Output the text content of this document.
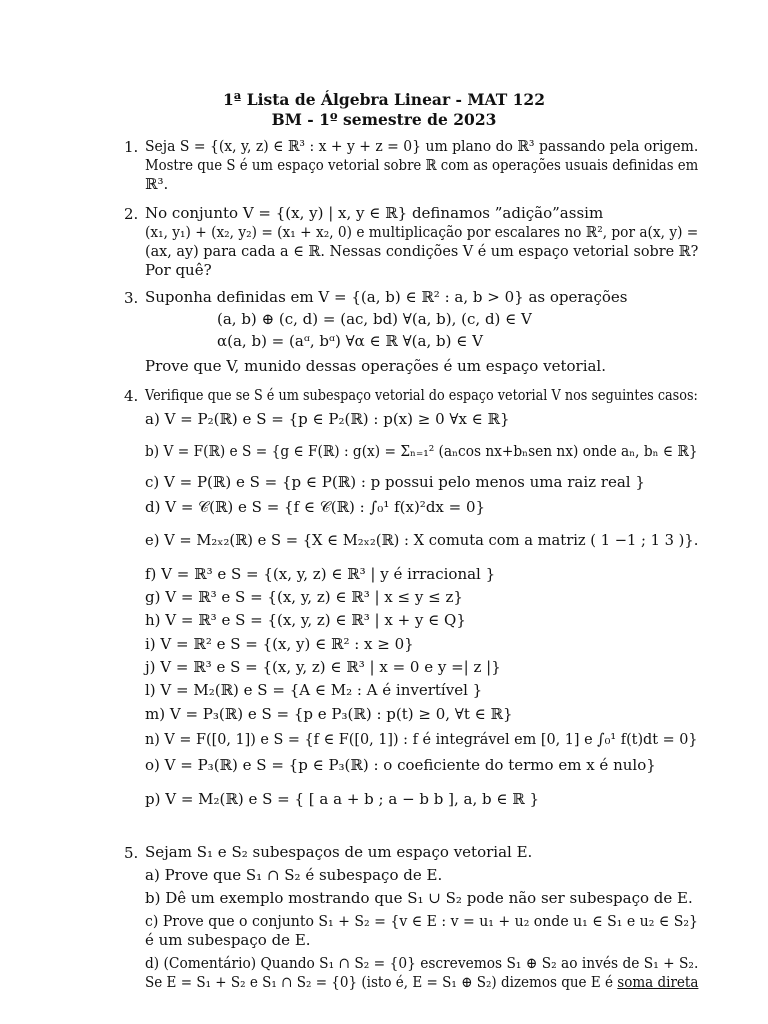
1ª Lista de Álgebra Linear - MAT 122
BM - 1º semestre de 2023
1. Seja S = {(x, y, z) ∈ ℝ³ : x + y + z = 0} um plano do ℝ³ passando pela origem.
Mostre que S é um espaço vetorial sobre ℝ com as operações usuais definidas em
ℝ³.
2. No conjunto V = {(x, y) | x, y ∈ ℝ} definamos ”adição”assim
(x₁, y₁) + (x₂, y₂) = (x₁ + x₂, 0) e multiplicação por escalares no ℝ², por a(x, y) =
(ax, ay) para cada a ∈ ℝ. Nessas condições V é um espaço vetorial sobre ℝ?
Por quê?
3. Suponha definidas em V = {(a, b) ∈ ℝ² : a, b > 0} as operações
(a, b) ⊕ (c, d) = (ac, bd) ∀(a, b), (c, d) ∈ V
α(a, b) = (aᵅ, bᵅ) ∀α ∈ ℝ ∀(a, b) ∈ V
Prove que V, munido dessas operações é um espaço vetorial.
4. Verifique que se S é um subespaço vetorial do espaço vetorial V nos seguintes casos:
a) V = P₂(ℝ) e S = {p ∈ P₂(ℝ) : p(x) ≥ 0 ∀x ∈ ℝ}
b) V = F(ℝ) e S = {g ∈ F(ℝ) : g(x) = Σₙ₌₁² (aₙcos nx+bₙsen nx) onde aₙ, bₙ ∈ ℝ}
c) V = P(ℝ) e S = {p ∈ P(ℝ) : p possui pelo menos uma raiz real }
d) V = 𝒞(ℝ) e S = {f ∈ 𝒞(ℝ) : ∫₀¹ f(x)²dx = 0}
e) V = M₂ₓ₂(ℝ) e S = {X ∈ M₂ₓ₂(ℝ) : X comuta com a matriz ( 1 −1 ; 1 3 )}.
f) V = ℝ³ e S = {(x, y, z) ∈ ℝ³ | y é irracional }
g) V = ℝ³ e S = {(x, y, z) ∈ ℝ³ | x ≤ y ≤ z}
h) V = ℝ³ e S = {(x, y, z) ∈ ℝ³ | x + y ∈ Q}
i) V = ℝ² e S = {(x, y) ∈ ℝ² : x ≥ 0}
j) V = ℝ³ e S = {(x, y, z) ∈ ℝ³ | x = 0 e y =| z |}
l) V = M₂(ℝ) e S = {A ∈ M₂ : A é invertível }
m) V = P₃(ℝ) e S = {p e P₃(ℝ) : p(t) ≥ 0, ∀t ∈ ℝ}
n) V = F([0, 1]) e S = {f ∈ F([0, 1]) : f é integrável em [0, 1] e ∫₀¹ f(t)dt = 0}
o) V = P₃(ℝ) e S = {p ∈ P₃(ℝ) : o coeficiente do termo em x é nulo}
p) V = M₂(ℝ) e S = { [ a a + b ; a − b b ], a, b ∈ ℝ }
5. Sejam S₁ e S₂ subespaços de um espaço vetorial E.
a) Prove que S₁ ∩ S₂ é subespaço de E.
b) Dê um exemplo mostrando que S₁ ∪ S₂ pode não ser subespaço de E.
c) Prove que o conjunto S₁ + S₂ = {v ∈ E : v = u₁ + u₂ onde u₁ ∈ S₁ e u₂ ∈ S₂}
é um subespaço de E.
d) (Comentário) Quando S₁ ∩ S₂ = {0} escrevemos S₁ ⊕ S₂ ao invés de S₁ + S₂.
Se E = S₁ + S₂ e S₁ ∩ S₂ = {0} (isto é, E = S₁ ⊕ S₂) dizemos que E é soma direta
